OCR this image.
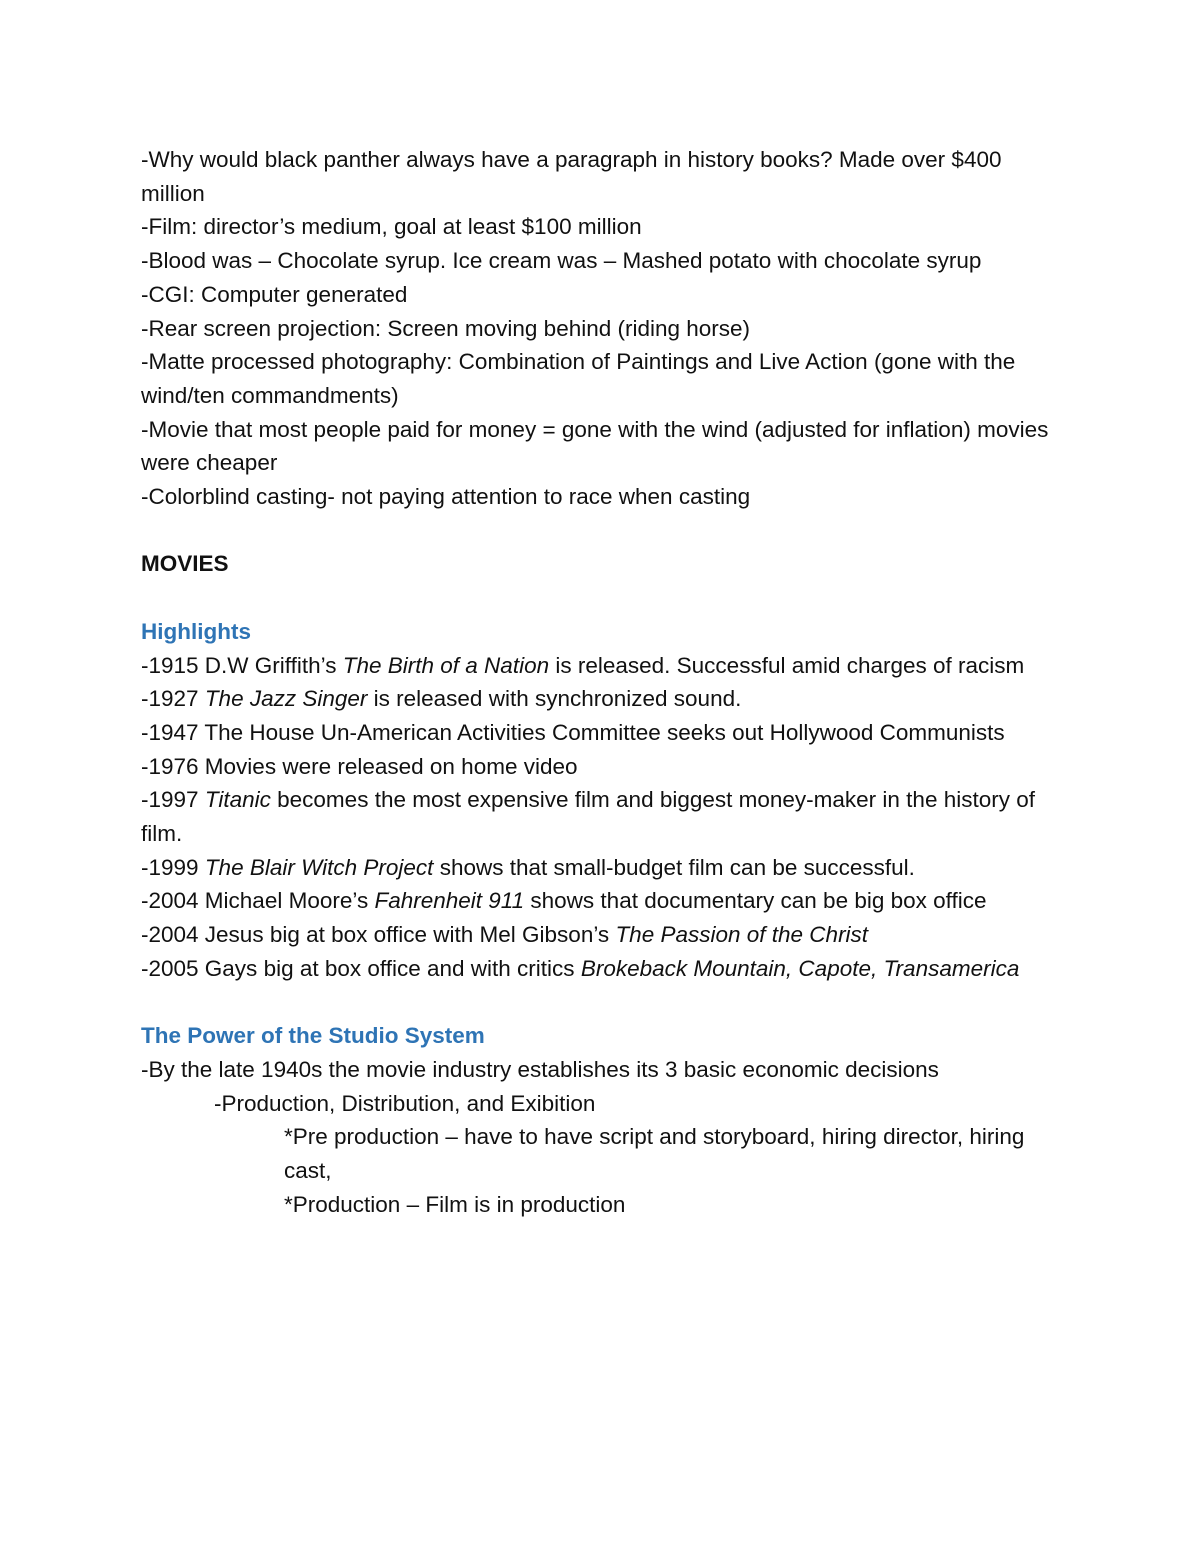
-Why would black panther always have a paragraph in history books? Made over $400 million

-Film: director’s medium, goal at least $100 million

-Blood was – Chocolate syrup. Ice cream was – Mashed potato with chocolate syrup

-CGI: Computer generated

-Rear screen projection: Screen moving behind (riding horse)

-Matte processed photography: Combination of Paintings and Live Action (gone with the wind/ten commandments)

-Movie that most people paid for money = gone with the wind (adjusted for inflation) movies were cheaper

-Colorblind casting- not paying attention to race when casting

MOVIES

Highlights

-1915 D.W Griffith’s The Birth of a Nation is released. Successful amid charges of racism

-1927 The Jazz Singer is released with synchronized sound.

-1947 The House Un-American Activities Committee seeks out Hollywood Communists

-1976 Movies were released on home video

-1997 Titanic becomes the most expensive film and biggest money-maker in the history of film.

-1999 The Blair Witch Project shows that small-budget film can be successful.

-2004 Michael Moore’s Fahrenheit 911 shows that documentary can be big box office

-2004 Jesus big at box office with Mel Gibson’s The Passion of the Christ

-2005 Gays big at box office and with critics Brokeback Mountain, Capote, Transamerica

The Power of the Studio System

-By the late 1940s the movie industry establishes its 3 basic economic decisions

-Production, Distribution, and Exibition

*Pre production – have to have script and storyboard, hiring director, hiring cast,

*Production – Film is in production
